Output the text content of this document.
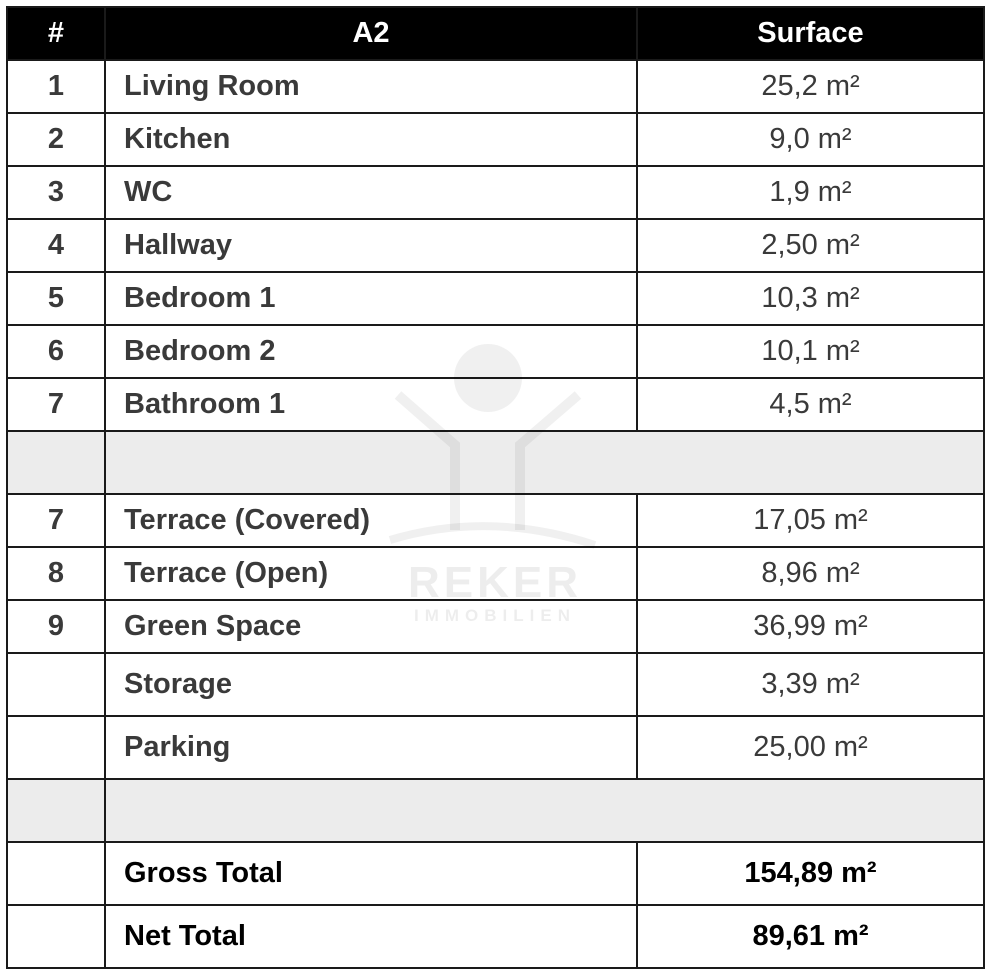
#	A2	Surface
1	Living Room	25,2 m²
2	Kitchen	9,0 m²
3	WC	1,9 m²
4	Hallway	2,50 m²
5	Bedroom 1	10,3 m²
6	Bedroom 2	10,1 m²
7	Bathroom 1	4,5 m²

7	Terrace (Covered)	17,05 m²
8	Terrace (Open)	8,96 m²
9	Green Space	36,99 m²
	Storage	3,39 m²
	Parking	25,00 m²

	Gross Total	154,89 m²
	Net Total	89,61 m²
REKER
IMMOBILIEN
